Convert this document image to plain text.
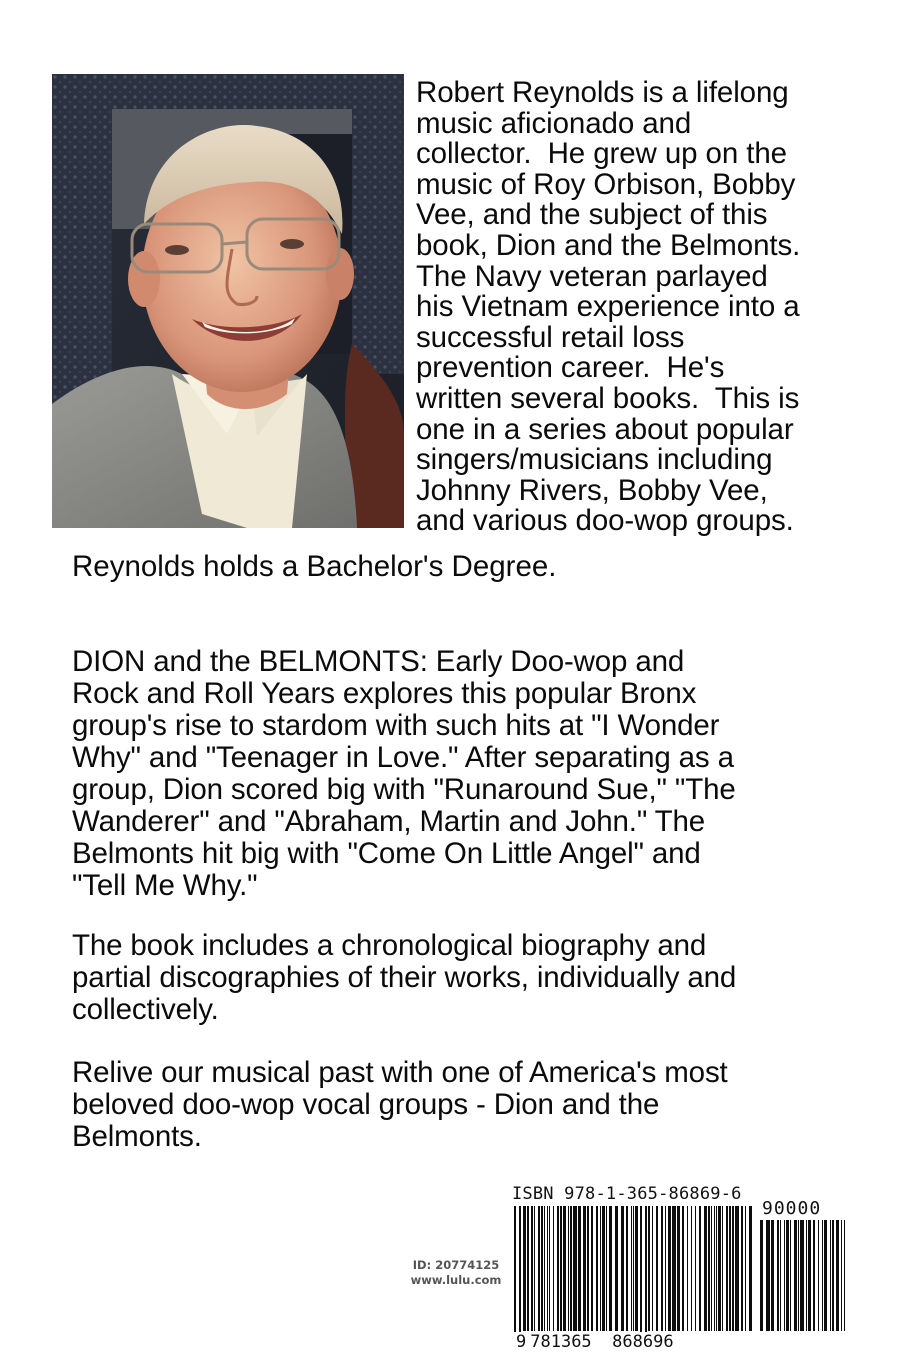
Robert Reynolds is a lifelong
music aficionado and
collector.  He grew up on the
music of Roy Orbison, Bobby
Vee, and the subject of this
book, Dion and the Belmonts.
The Navy veteran parlayed
his Vietnam experience into a
successful retail loss
prevention career.  He's
written several books.  This is
one in a series about popular
singers/musicians including
Johnny Rivers, Bobby Vee,
and various doo-wop groups.

Reynolds holds a Bachelor's Degree.

DION and the BELMONTS: Early Doo-wop and
Rock and Roll Years explores this popular Bronx
group's rise to stardom with such hits at "I Wonder
Why" and "Teenager in Love." After separating as a
group, Dion scored big with "Runaround Sue," "The
Wanderer" and "Abraham, Martin and John." The
Belmonts hit big with "Come On Little Angel" and
"Tell Me Why."

The book includes a chronological biography and
partial discographies of their works, individually and
collectively.

Relive our musical past with one of America's most
beloved doo-wop vocal groups - Dion and the
Belmonts.

ID: 20774125
www.lulu.com
ISBN 978-1-365-86869-6
90000
9 781365 868696
